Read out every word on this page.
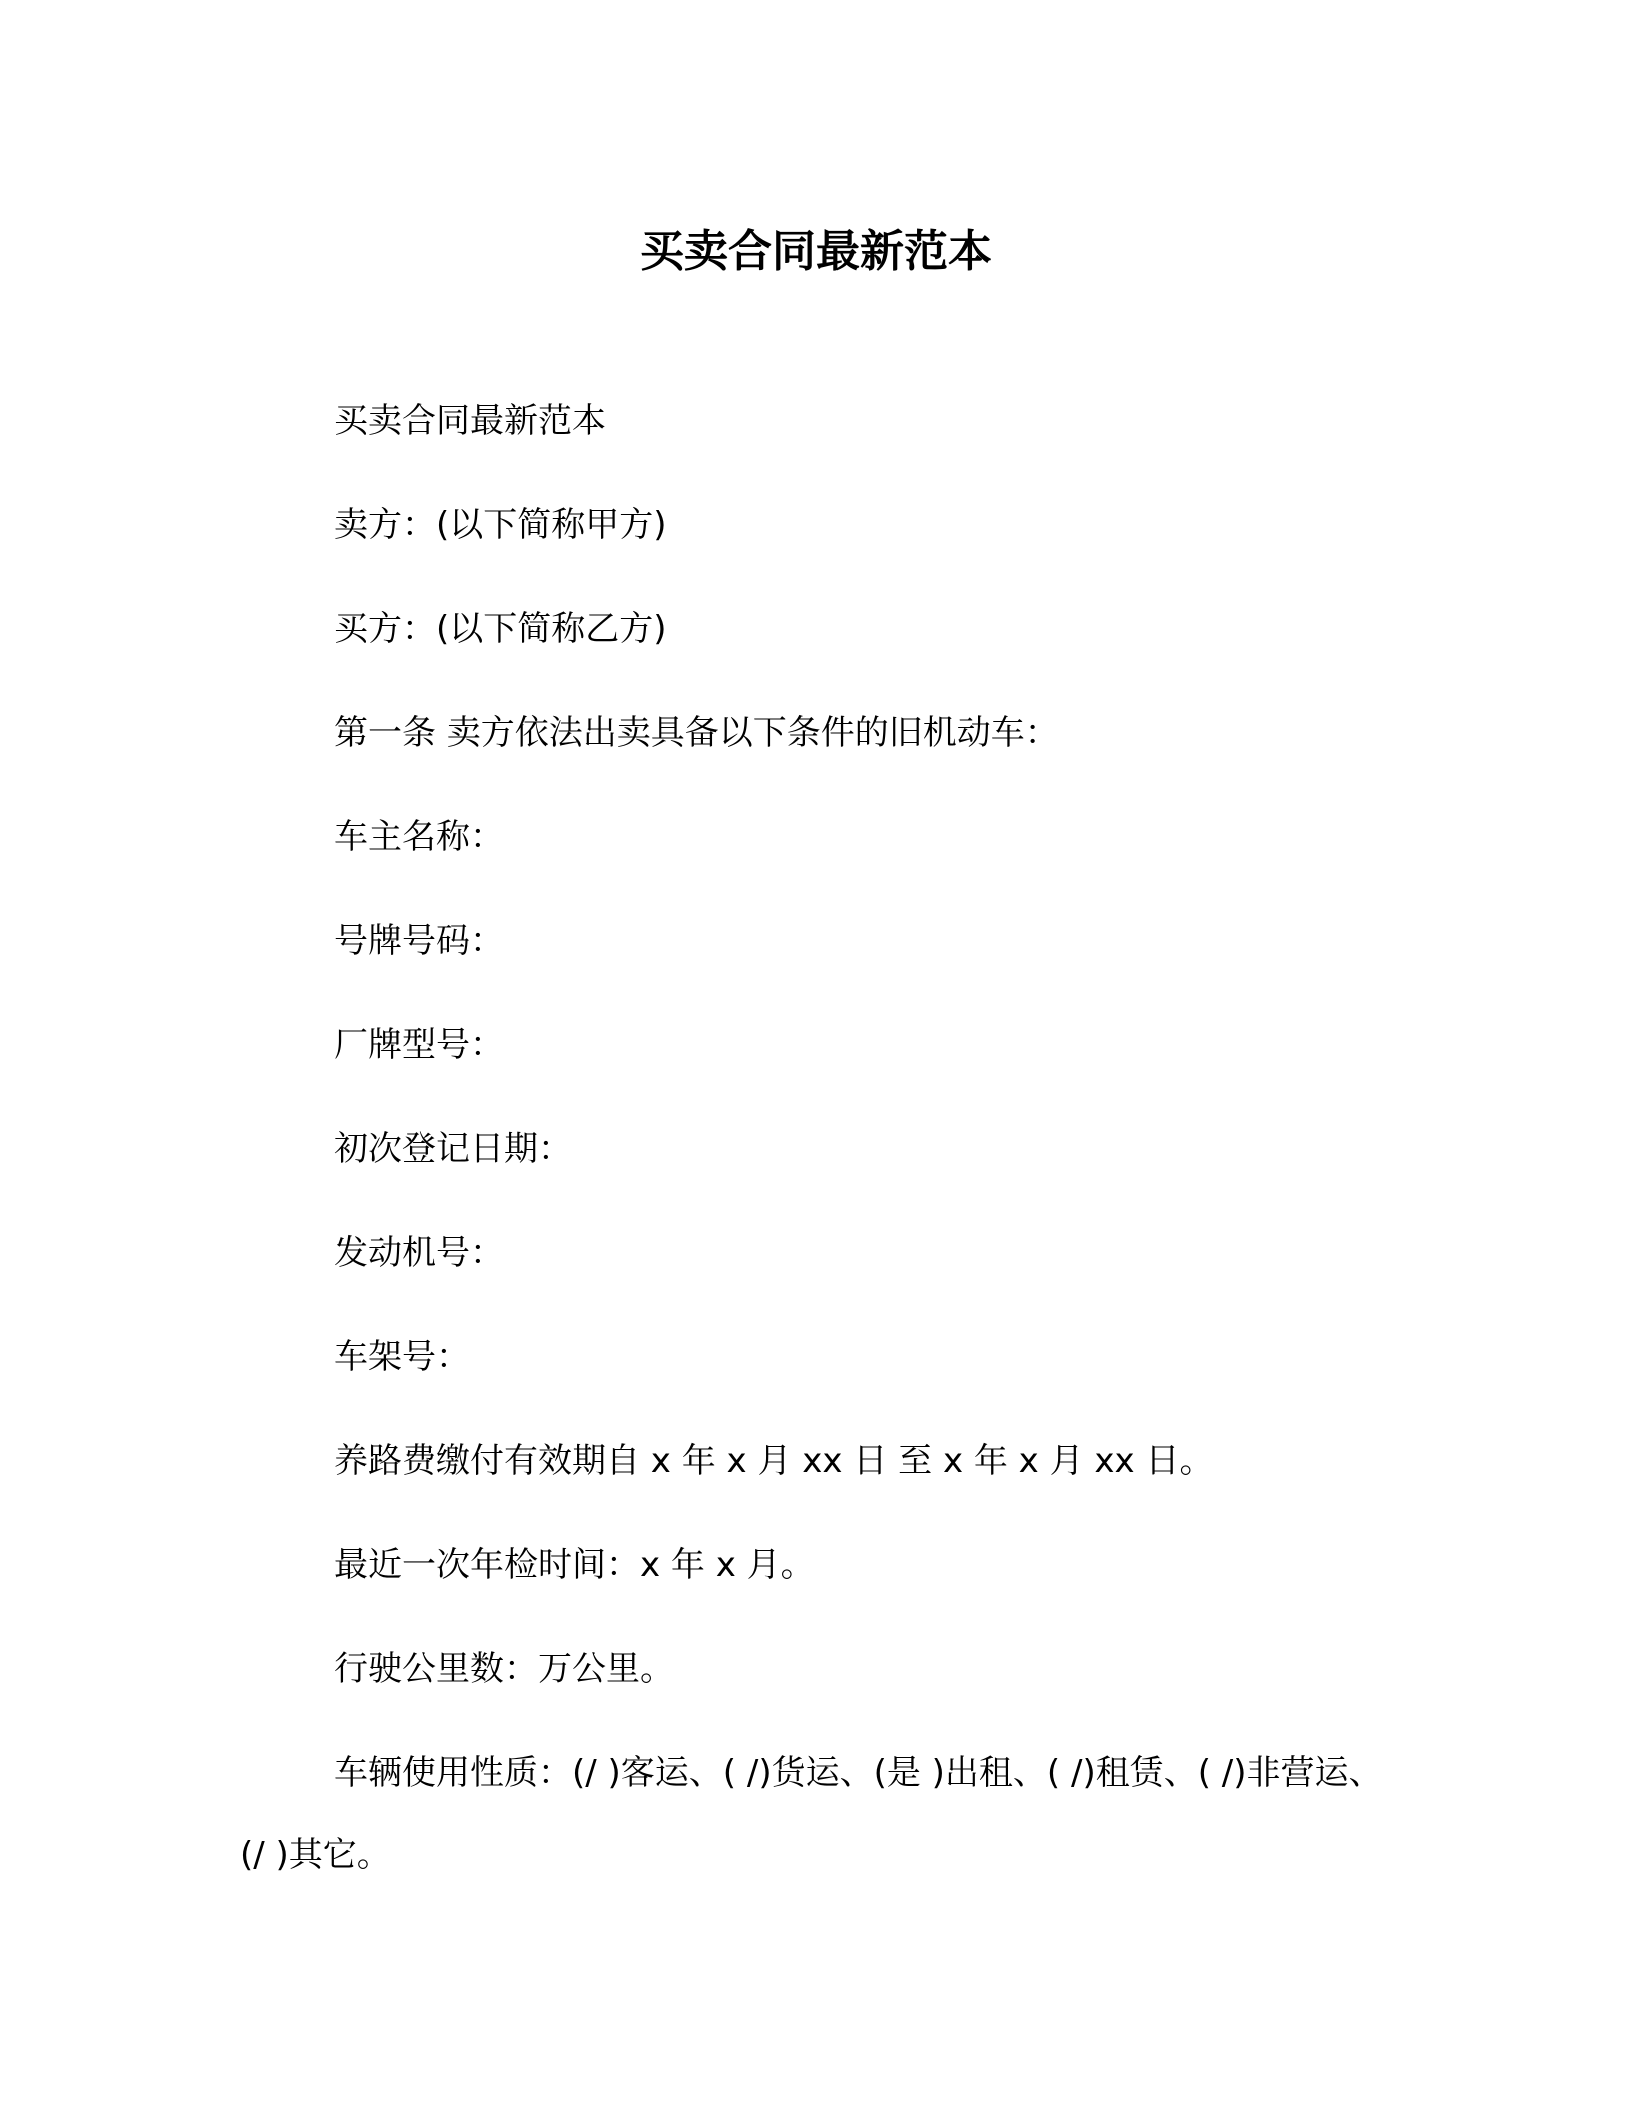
买卖合同最新范本
买卖合同最新范本
卖方：(以下简称甲方)
买方：(以下简称乙方)
第一条 卖方依法出卖具备以下条件的旧机动车：
车主名称：
号牌号码：
厂牌型号：
初次登记日期：
发动机号：
车架号：
养路费缴付有效期自 x 年 x 月 xx 日 至 x 年 x 月 xx 日。
最近一次年检时间：x 年 x 月。
行驶公里数：万公里。
车辆使用性质：(/ )客运、( /)货运、(是 )出租、( /)租赁、( /)非营运、(/ )其它。
